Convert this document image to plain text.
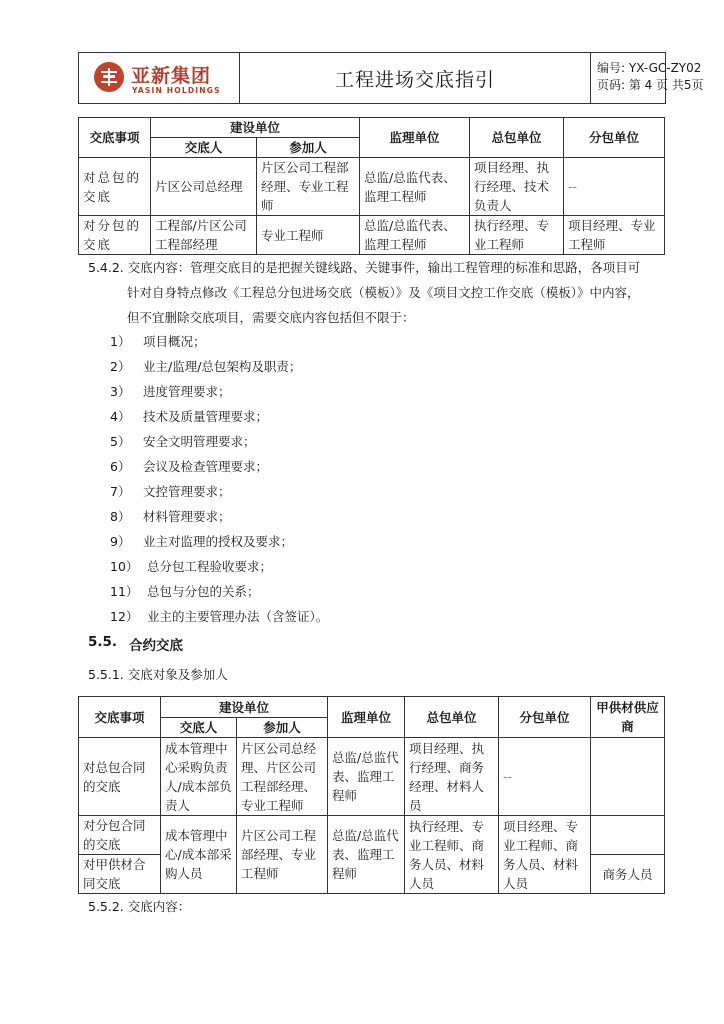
亚新集团
YASIN HOLDINGS	工程进场交底指引
编号: YX-GC-ZY02
页码: 第 4 页 共5页
交底事项	建设单位		监理单位	总包单位	分包单位
	交底人	参加人			
对总包的交底	片区公司总经理	片区公司工程部经理、专业工程师	总监/总监代表、监理工程师	项目经理、执行经理、技术负责人	--
对分包的交底	工程部/片区公司工程部经理	专业工程师	总监/总监代表、监理工程师	执行经理、专业工程师	项目经理、专业工程师
5.4.2. 交底内容：管理交底目的是把握关键线路、关键事件，输出工程管理的标准和思路，各项目可
针对自身特点修改《工程总分包进场交底（模板）》及《项目文控工作交底（模板）》中内容，
但不宜删除交底项目，需要交底内容包括但不限于：
1） 项目概况；
2） 业主/监理/总包架构及职责；
3） 进度管理要求；
4） 技术及质量管理要求；
5） 安全文明管理要求；
6） 会议及检查管理要求；
7） 文控管理要求；
8） 材料管理要求；
9） 业主对监理的授权及要求；
10） 总分包工程验收要求；
11） 总包与分包的关系；
12） 业主的主要管理办法（含签证）。
5.5. 合约交底
5.5.1. 交底对象及参加人
交底事项	建设单位		监理单位	总包单位	分包单位	甲供材供应商
	交底人	参加人				
对总包合同的交底	成本管理中心采购负责人/成本部负责人	片区公司总经理、片区公司工程部经理、专业工程师	总监/总监代表、监理工程师	项目经理、执行经理、商务经理、材料人员	--	
对分包合同的交底	成本管理中心/成本部采购人员	片区公司工程部经理、专业工程师	总监/总监代表、监理工程师	执行经理、专业工程师、商务人员、材料人员	项目经理、专业工程师、商务人员、材料人员	
对甲供材合同交底						商务人员
5.5.2. 交底内容：
